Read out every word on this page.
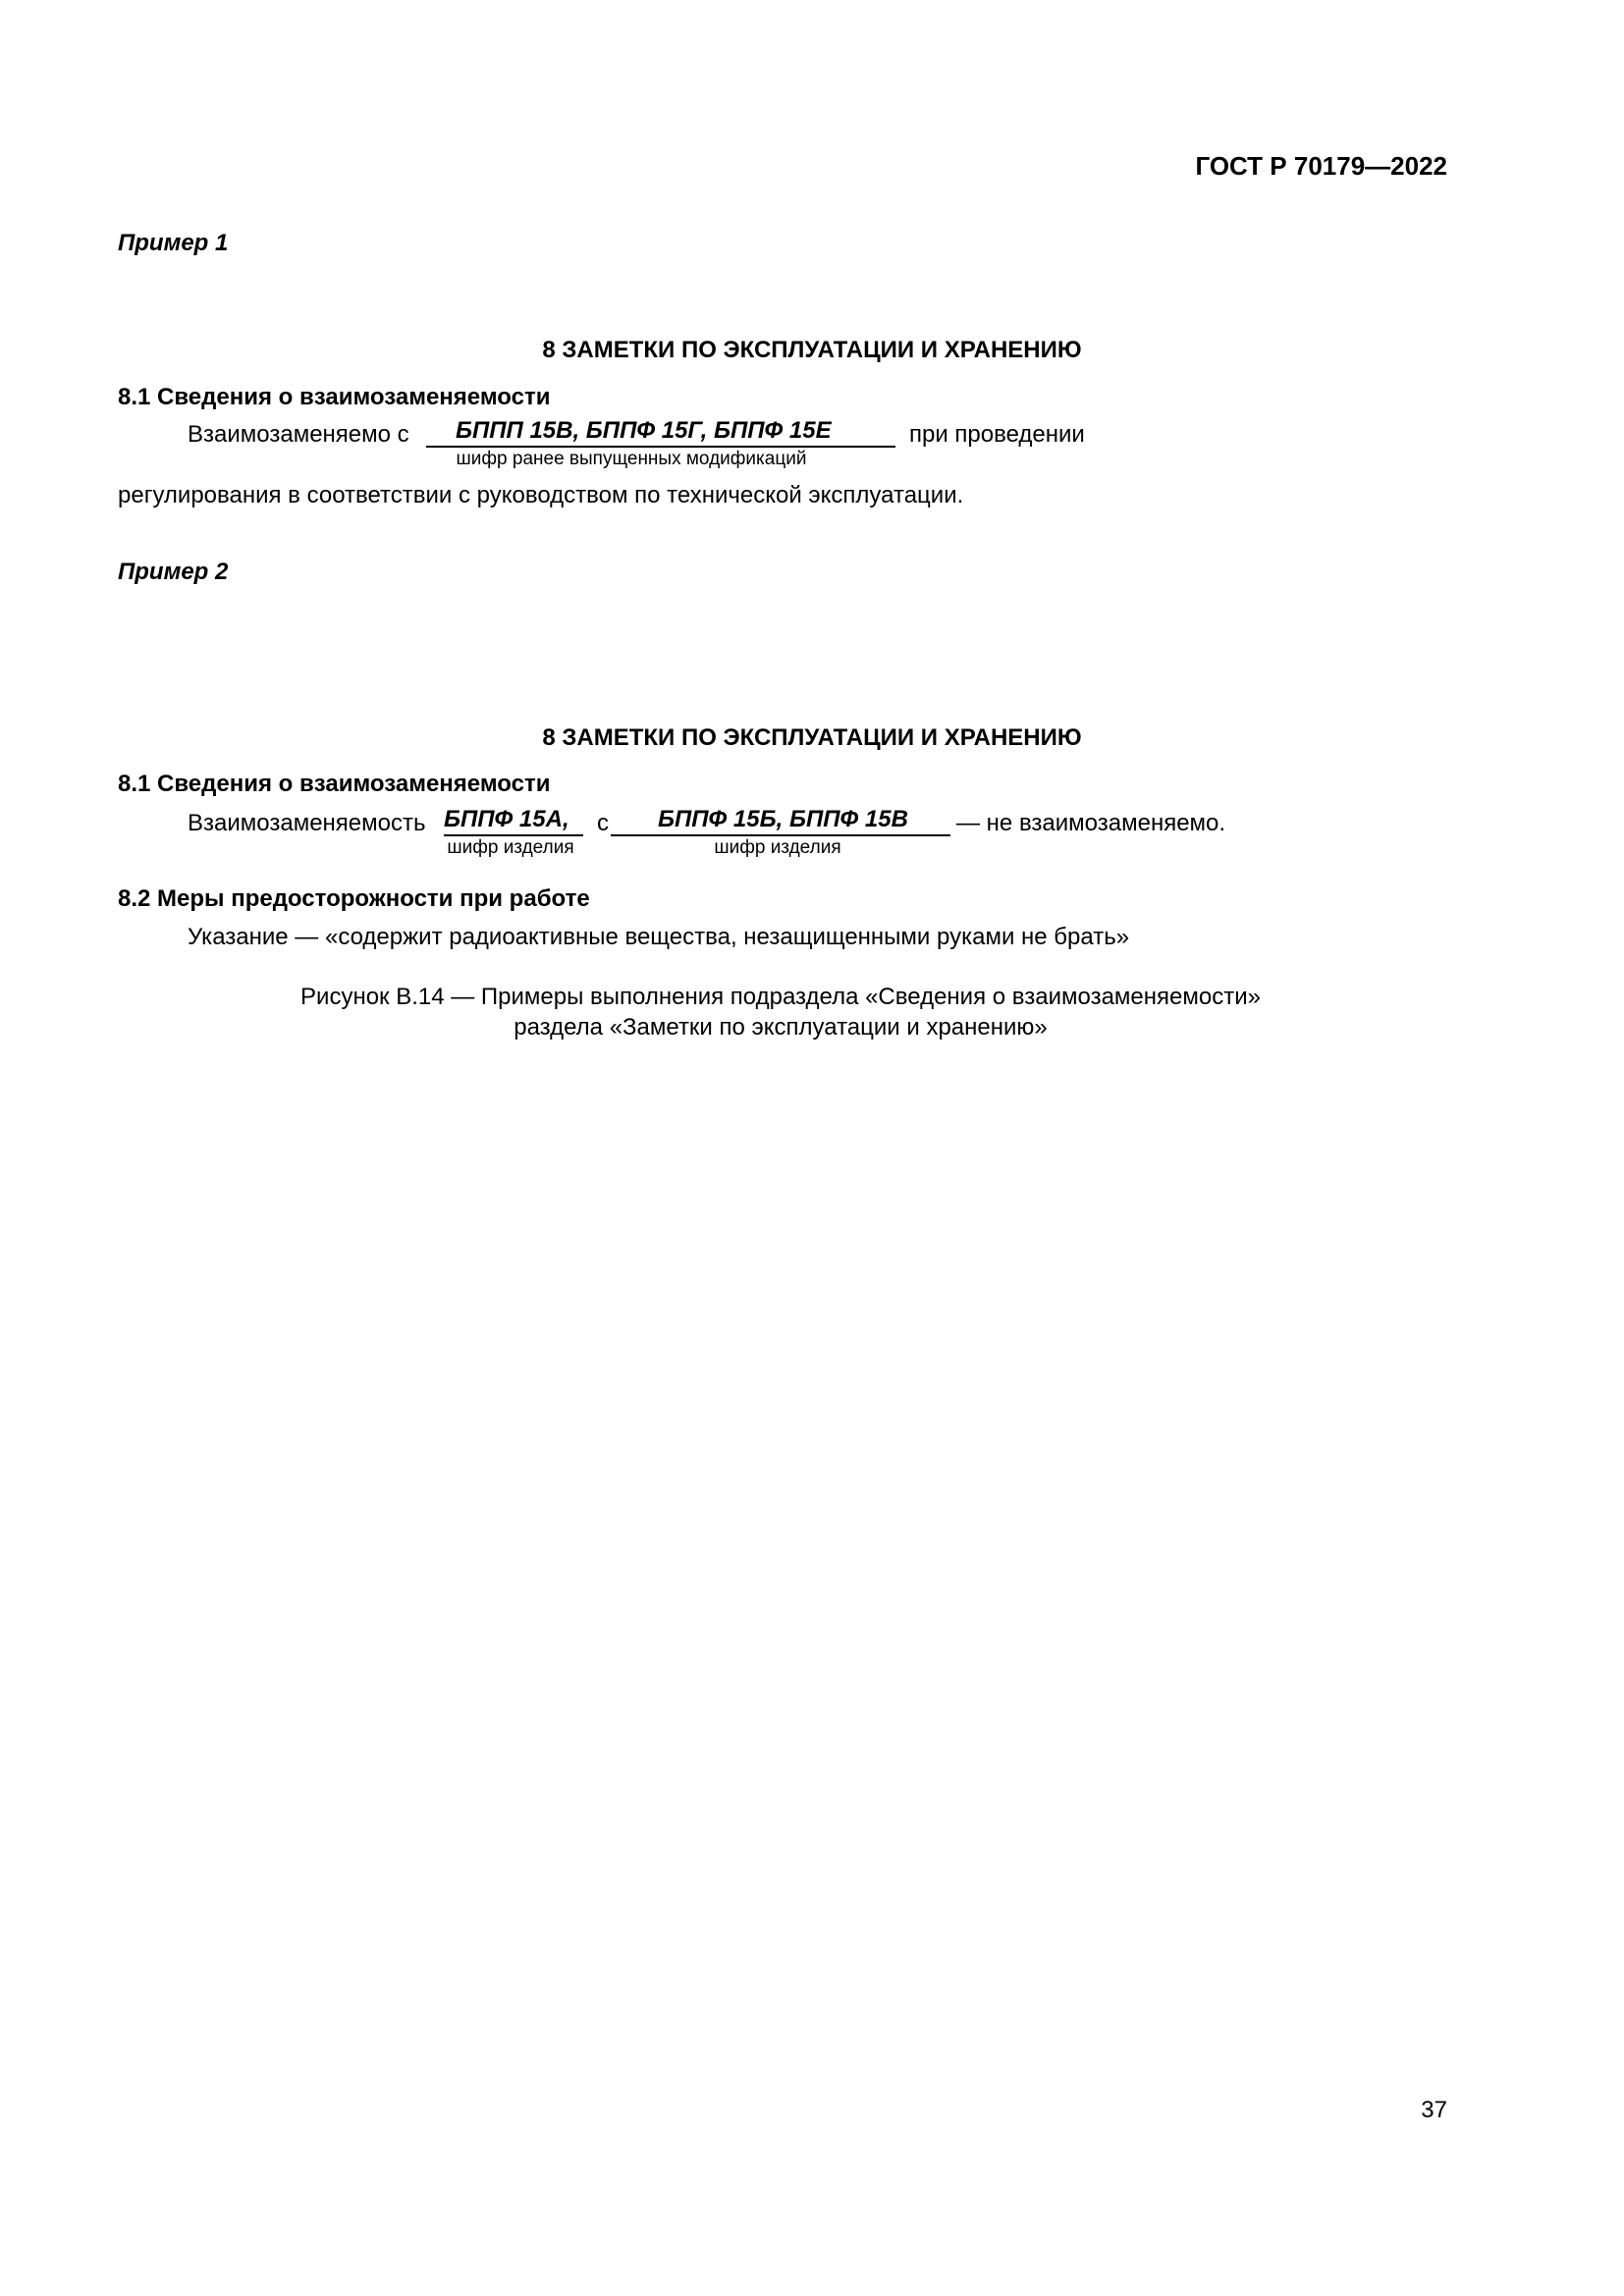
ГОСТ Р 70179—2022
Пример 1
8 ЗАМЕТКИ ПО ЭКСПЛУАТАЦИИ И ХРАНЕНИЮ
8.1 Сведения о взаимозаменяемости
Взаимозаменяемо с	БППП 15В, БППФ 15Г, БППФ 15Е	при проведении
шифр ранее выпущенных модификаций
регулирования в соответствии с руководством по технической эксплуатации.
Пример 2
8 ЗАМЕТКИ ПО ЭКСПЛУАТАЦИИ И ХРАНЕНИЮ
8.1 Сведения о взаимозаменяемости
Взаимозаменяемость БППФ 15А,	с	БППФ 15Б, БППФ 15В	— не взаимозаменяемо.
шифр изделия	шифр изделия
8.2 Меры предосторожности при работе
Указание — «содержит радиоактивные вещества, незащищенными руками не брать»
Рисунок В.14 — Примеры выполнения подраздела «Сведения о взаимозаменяемости»
раздела «Заметки по эксплуатации и хранению»
37
